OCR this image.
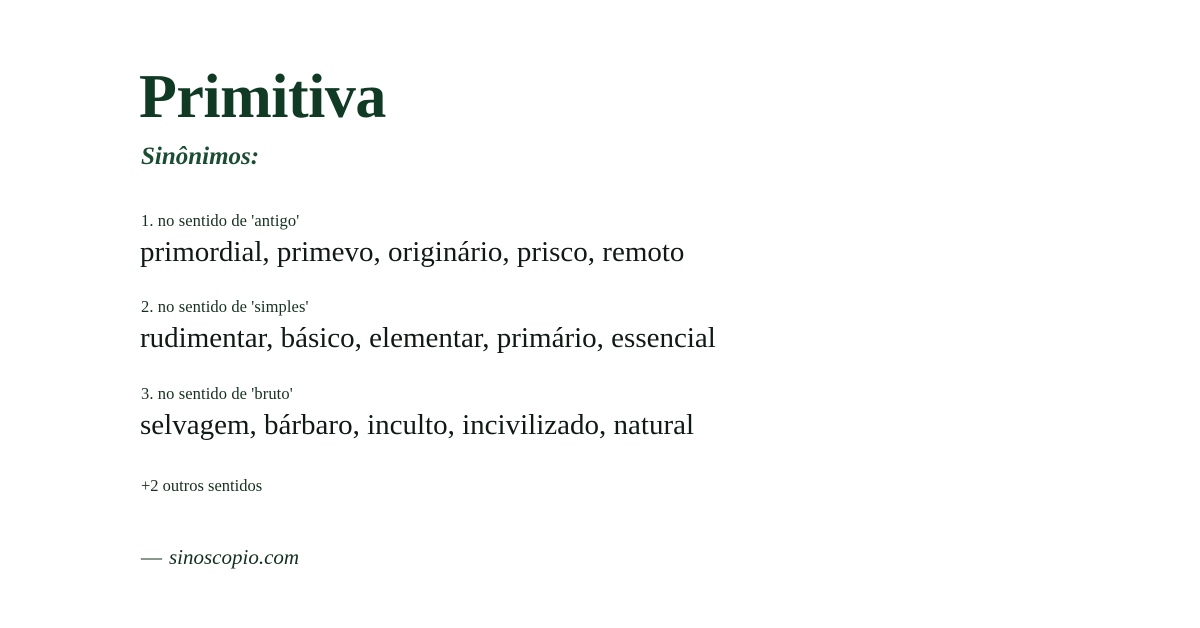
Primitiva
Sinônimos:
1. no sentido de 'antigo'
primordial, primevo, originário, prisco, remoto
2. no sentido de 'simples'
rudimentar, básico, elementar, primário, essencial
3. no sentido de 'bruto'
selvagem, bárbaro, inculto, incivilizado, natural
+2 outros sentidos
— sinoscopio.com
